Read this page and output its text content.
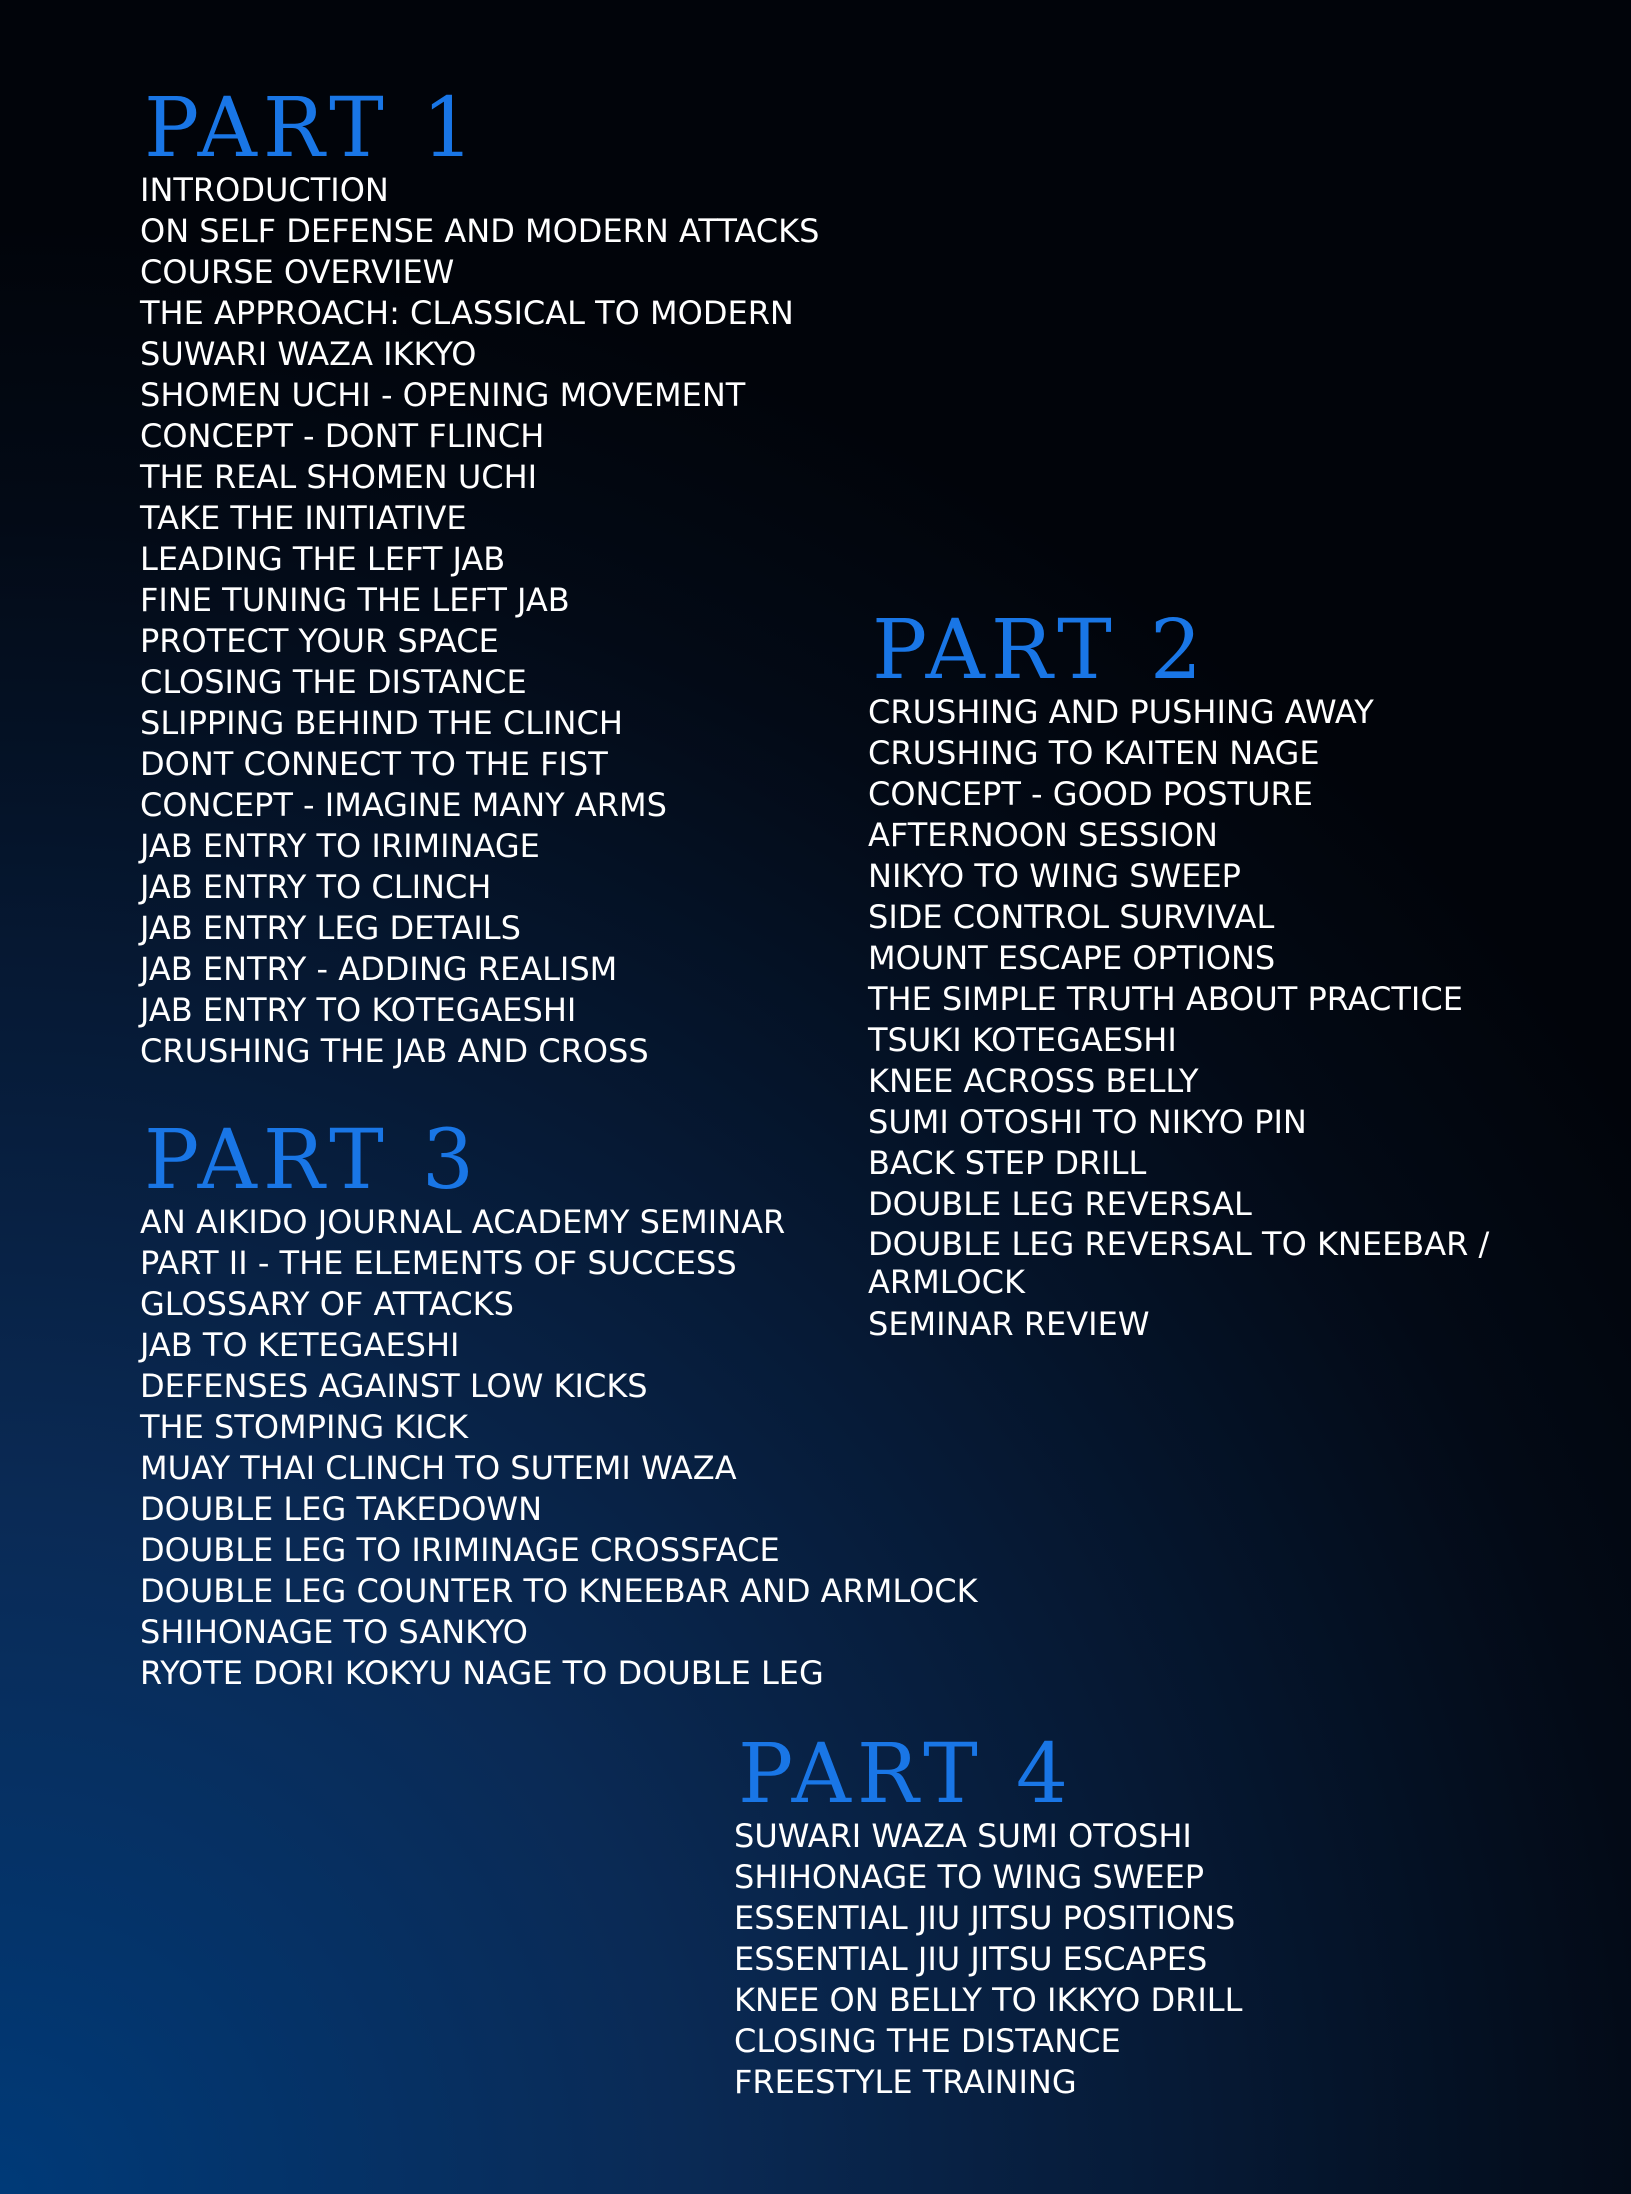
PART 1
INTRODUCTION
ON SELF DEFENSE AND MODERN ATTACKS
COURSE OVERVIEW
THE APPROACH: CLASSICAL TO MODERN
SUWARI WAZA IKKYO
SHOMEN UCHI - OPENING MOVEMENT
CONCEPT - DONT FLINCH
THE REAL SHOMEN UCHI
TAKE THE INITIATIVE
LEADING THE LEFT JAB
FINE TUNING THE LEFT JAB
PROTECT YOUR SPACE
CLOSING THE DISTANCE
SLIPPING BEHIND THE CLINCH
DONT CONNECT TO THE FIST
CONCEPT - IMAGINE MANY ARMS
JAB ENTRY TO IRIMINAGE
JAB ENTRY TO CLINCH
JAB ENTRY LEG DETAILS
JAB ENTRY - ADDING REALISM
JAB ENTRY TO KOTEGAESHI
CRUSHING THE JAB AND CROSS
PART 2
CRUSHING AND PUSHING AWAY
CRUSHING TO KAITEN NAGE
CONCEPT - GOOD POSTURE
AFTERNOON SESSION
NIKYO TO WING SWEEP
SIDE CONTROL SURVIVAL
MOUNT ESCAPE OPTIONS
THE SIMPLE TRUTH ABOUT PRACTICE
TSUKI KOTEGAESHI
KNEE ACROSS BELLY
SUMI OTOSHI TO NIKYO PIN
BACK STEP DRILL
DOUBLE LEG REVERSAL
DOUBLE LEG REVERSAL TO KNEEBAR / ARMLOCK
SEMINAR REVIEW
PART 3
AN AIKIDO JOURNAL ACADEMY SEMINAR
PART II - THE ELEMENTS OF SUCCESS
GLOSSARY OF ATTACKS
JAB TO KETEGAESHI
DEFENSES AGAINST LOW KICKS
THE STOMPING KICK
MUAY THAI CLINCH TO SUTEMI WAZA
DOUBLE LEG TAKEDOWN
DOUBLE LEG TO IRIMINAGE CROSSFACE
DOUBLE LEG COUNTER TO KNEEBAR AND ARMLOCK
SHIHONAGE TO SANKYO
RYOTE DORI KOKYU NAGE TO DOUBLE LEG
PART 4
SUWARI WAZA SUMI OTOSHI
SHIHONAGE TO WING SWEEP
ESSENTIAL JIU JITSU POSITIONS
ESSENTIAL JIU JITSU ESCAPES
KNEE ON BELLY TO IKKYO DRILL
CLOSING THE DISTANCE
FREESTYLE TRAINING
